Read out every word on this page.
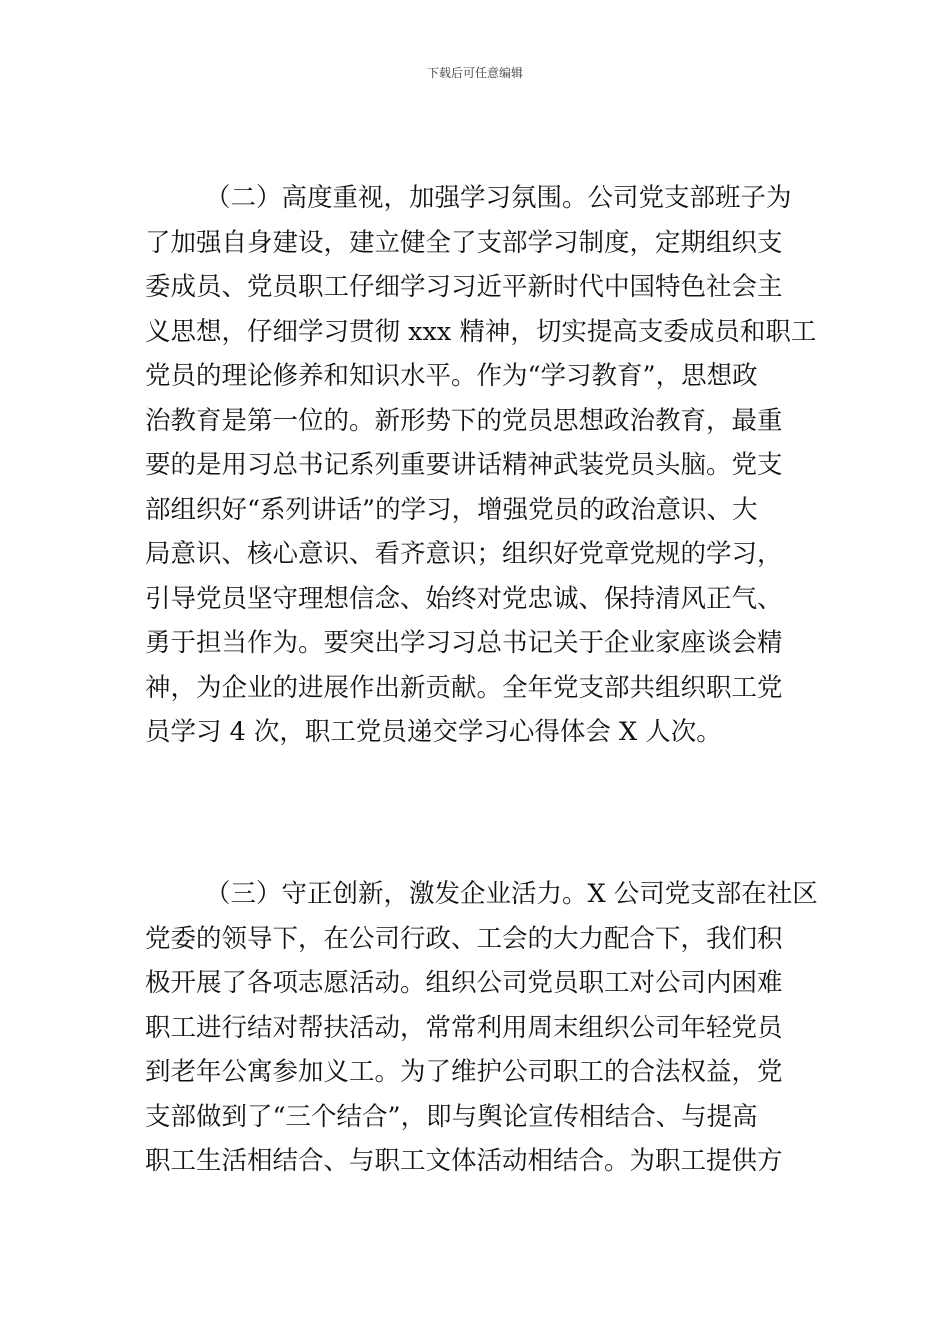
下载后可任意编辑
（二）高度重视，加强学习氛围。公司党支部班子为
了加强自身建设，建立健全了支部学习制度，定期组织支
委成员、党员职工仔细学习习近平新时代中国特色社会主
义思想，仔细学习贯彻 xxx 精神，切实提高支委成员和职工
党员的理论修养和知识水平。作为“学习教育”，思想政
治教育是第一位的。新形势下的党员思想政治教育，最重
要的是用习总书记系列重要讲话精神武装党员头脑。党支
部组织好“系列讲话”的学习，增强党员的政治意识、大
局意识、核心意识、看齐意识；组织好党章党规的学习，
引导党员坚守理想信念、始终对党忠诚、保持清风正气、
勇于担当作为。要突出学习习总书记关于企业家座谈会精
神，为企业的进展作出新贡献。全年党支部共组织职工党
员学习 4 次，职工党员递交学习心得体会 X 人次。
（三）守正创新，激发企业活力。X 公司党支部在社区
党委的领导下，在公司行政、工会的大力配合下，我们积
极开展了各项志愿活动。组织公司党员职工对公司内困难
职工进行结对帮扶活动，常常利用周末组织公司年轻党员
到老年公寓参加义工。为了维护公司职工的合法权益，党
支部做到了“三个结合”，即与舆论宣传相结合、与提高
职工生活相结合、与职工文体活动相结合。为职工提供方
